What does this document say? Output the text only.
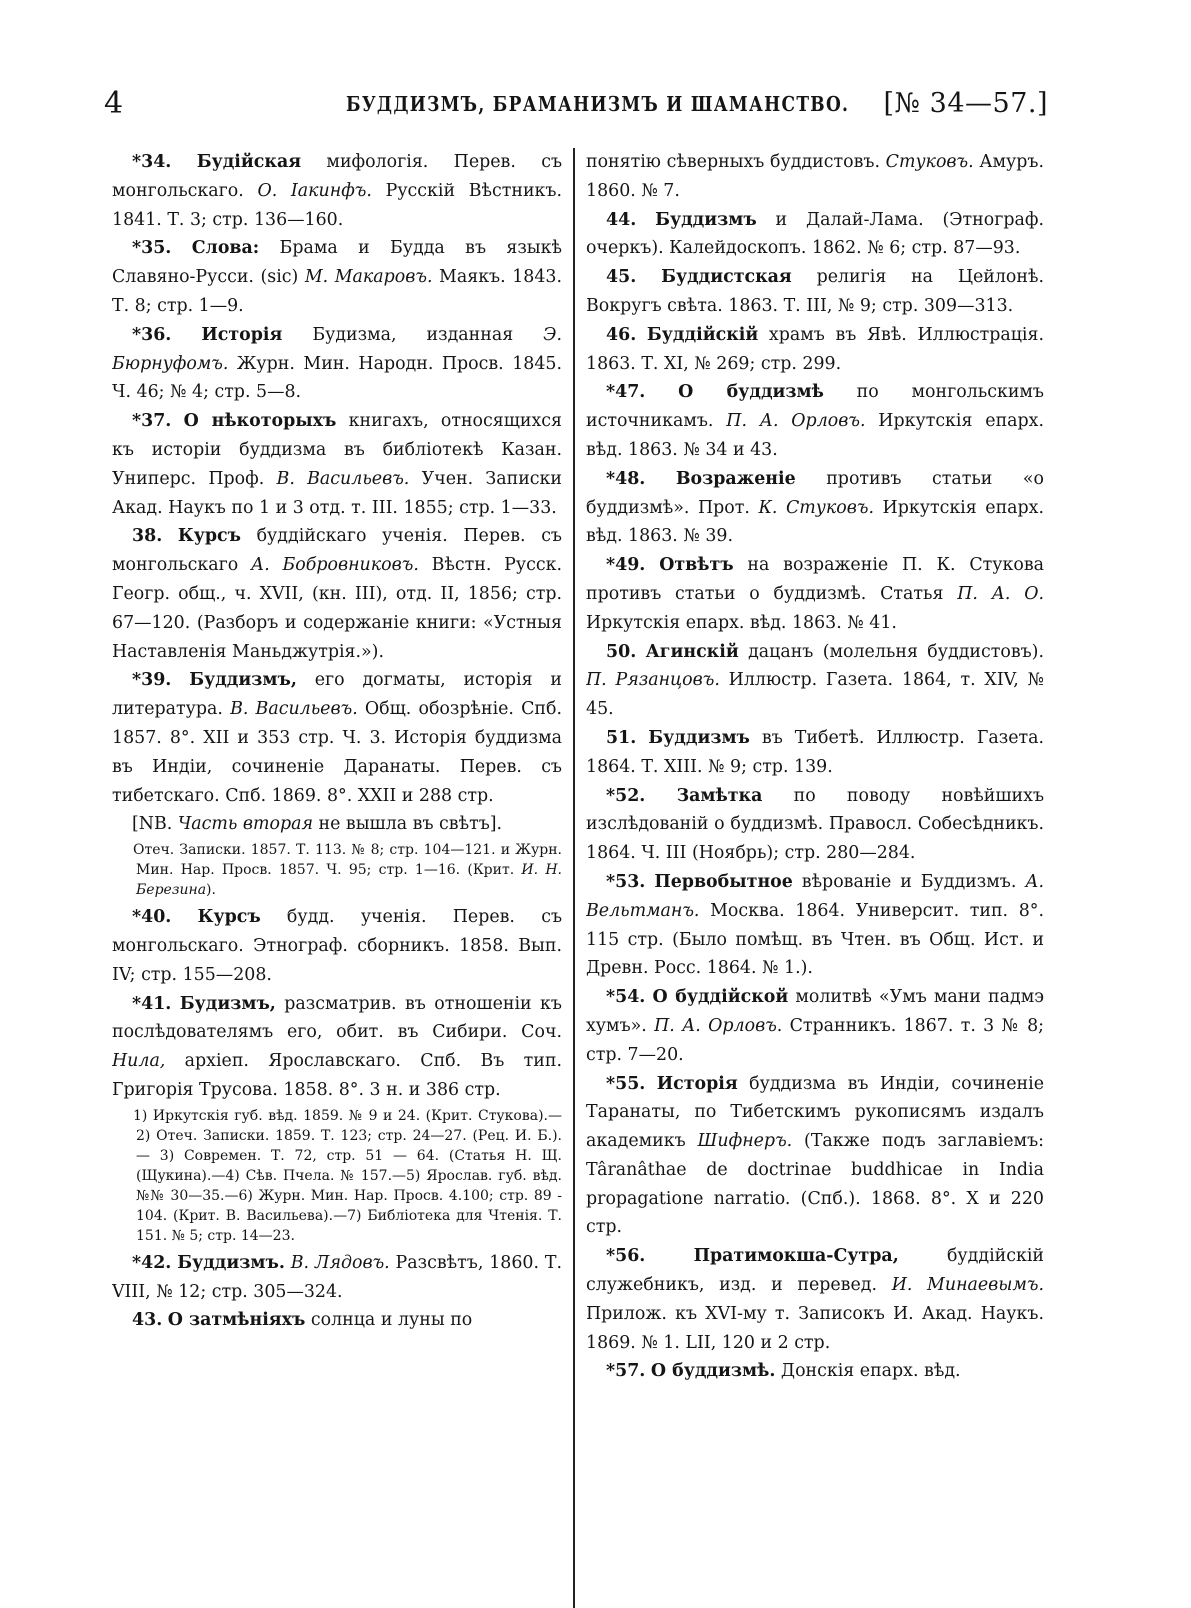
4	БУДДИЗМЪ, БРАМАНИЗМЪ И ШАМАНСТВО. [№ 34—57.]

*34. Будійская мифологія. Перев. съ монгольскаго. О. Іакинфъ. Русскій Вѣстникъ. 1841. Т. 3; стр. 136—160.

*35. Слова: Брама и Будда въ языкѣ Славяно-Русси. (sic) М. Макаровъ. Маякъ. 1843. Т. 8; стр. 1—9.

*36. Исторія Будизма, изданная Э. Бюрнуфомъ. Журн. Мин. Народн. Просв. 1845. Ч. 46; № 4; стр. 5—8.

*37. О нѣкоторыхъ книгахъ, относящихся къ исторіи буддизма въ библіотекѣ Казан. Униперс. Проф. В. Васильевъ. Учен. Записки Акад. Наукъ по 1 и 3 отд. т. III. 1855; стр. 1—33.

38. Курсъ буддійскаго ученія. Перев. съ монгольскаго А. Бобровниковъ. Вѣстн. Русск. Геогр. общ., ч. XVII, (кн. III), отд. II, 1856; стр. 67—120. (Разборъ и содержаніе книги: «Устныя Наставленія Маньджутрія.»).

*39. Буддизмъ, его догматы, исторія и литература. В. Васильевъ. Общ. обозрѣніе. Спб. 1857. 8°. XII и 353 стр. Ч. 3. Исторія буддизма въ Индіи, сочиненіе Даранаты. Перев. съ тибетскаго. Спб. 1869. 8°. XXII и 288 стр.

[NB. Часть вторая не вышла въ свѣтъ].

Отеч. Записки. 1857. Т. 113. № 8; стр. 104—121. и Журн. Мин. Нар. Просв. 1857. Ч. 95; стр. 1—16. (Крит. И. Н. Березина).

*40. Курсъ будд. ученія. Перев. съ монгольскаго. Этнограф. сборникъ. 1858. Вып. IV; стр. 155—208.

*41. Будизмъ, разсматрив. въ отношеніи къ послѣдователямъ его, обит. въ Сибири. Соч. Нила, архіеп. Ярославскаго. Спб. Въ тип. Григорія Трусова. 1858. 8°. 3 н. и 386 стр.

1) Иркутскія губ. вѣд. 1859. № 9 и 24. (Крит. Стукова).—2) Отеч. Записки. 1859. Т. 123; стр. 24—27. (Рец. И. Б.). — 3) Современ. Т. 72, стр. 51 — 64. (Статья Н. Щ. (Щукина).—4) Сѣв. Пчела. № 157.—5) Ярослав. губ. вѣд. №№ 30—35.—6) Журн. Мин. Нар. Просв. 4.100; стр. 89 - 104. (Крит. В. Васильева).—7) Библіотека для Чтенія. Т. 151. № 5; стр. 14—23.

*42. Буддизмъ. В. Лядовъ. Разсвѣтъ, 1860. Т. VIII, № 12; стр. 305—324.

43. О затмѣніяхъ солнца и луны по

понятію сѣверныхъ буддистовъ. Стуковъ. Амуръ. 1860. № 7.

44. Буддизмъ и Далай-Лама. (Этнограф. очеркъ). Калейдоскопъ. 1862. № 6; стр. 87—93.

45. Буддистская религія на Цейлонѣ. Вокругъ свѣта. 1863. Т. III, № 9; стр. 309—313.

46. Буддійскій храмъ въ Явѣ. Иллюстрація. 1863. Т. XI, № 269; стр. 299.

*47. О буддизмѣ по монгольскимъ источникамъ. П. А. Орловъ. Иркутскія епарх. вѣд. 1863. № 34 и 43.

*48. Возраженіе противъ статьи «о буддизмѣ». Прот. К. Стуковъ. Иркутскія епарх. вѣд. 1863. № 39.

*49. Отвѣтъ на возраженіе П. К. Стукова противъ статьи о буддизмѣ. Статья П. А. О. Иркутскія епарх. вѣд. 1863. № 41.

50. Агинскій дацанъ (молельня буддистовъ). П. Рязанцовъ. Иллюстр. Газета. 1864, т. XIV, № 45.

51. Буддизмъ въ Тибетѣ. Иллюстр. Газета. 1864. Т. XIII. № 9; стр. 139.

*52. Замѣтка по поводу новѣйшихъ изслѣдованій о буддизмѣ. Правосл. Собесѣдникъ. 1864. Ч. III (Ноябрь); стр. 280—284.

*53. Первобытное вѣрованіе и Буддизмъ. А. Вельтманъ. Москва. 1864. Университ. тип. 8°. 115 стр. (Было помѣщ. въ Чтен. въ Общ. Ист. и Древн. Росс. 1864. № 1.).

*54. О буддійской молитвѣ «Умъ мани падмэ хумъ». П. А. Орловъ. Странникъ. 1867. т. 3 № 8; стр. 7—20.

*55. Исторія буддизма въ Индіи, сочиненіе Таранаты, по Тибетскимъ рукописямъ издалъ академикъ Шифнеръ. (Также подъ заглавіемъ: Târanâthae de doctrinae buddhicae in India propagatione narratio. (Спб.). 1868. 8°. X и 220 стр.

*56.	Пратимокша-Сутра, буддійскій служебникъ, изд. и перевед. И. Минаевымъ. Прилож. къ XVI-му т. Записокъ И. Акад. Наукъ. 1869. № 1. LII, 120 и 2 стр.

*57. О буддизмѣ. Донскія епарх. вѣд.
